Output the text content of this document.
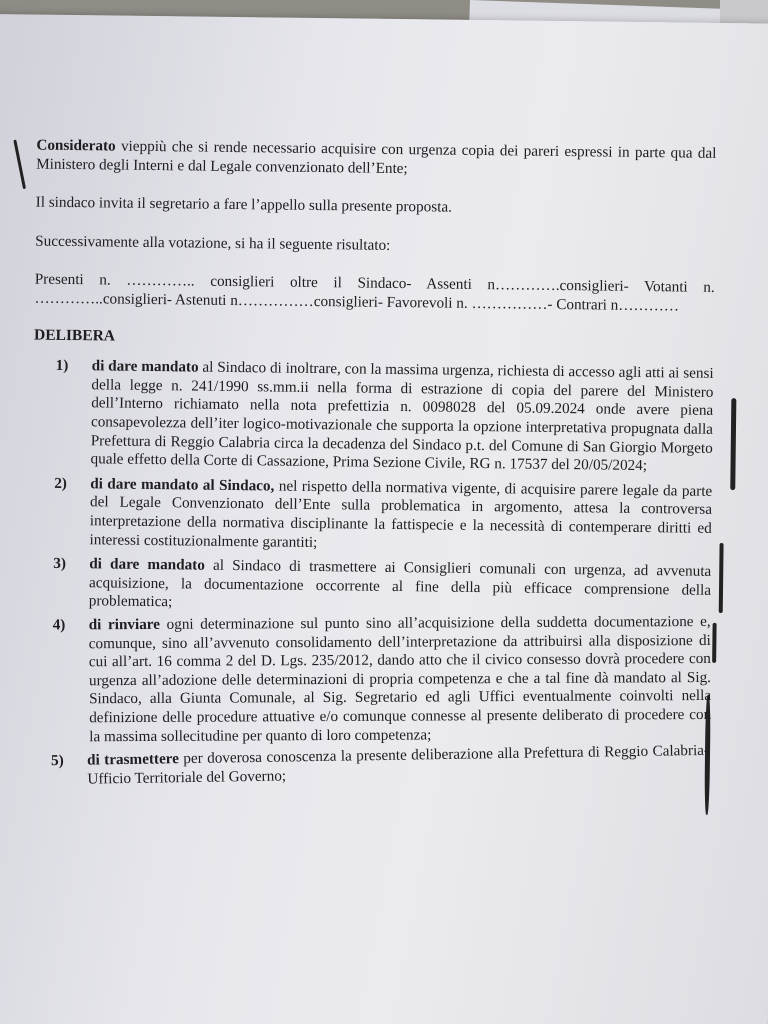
Considerato vieppiù che si rende necessario acquisire con urgenza copia dei pareri espressi in parte qua dal Ministero degli Interni e dal Legale convenzionato dell’Ente;

Il sindaco invita il segretario a fare l’appello sulla presente proposta.

Successivamente alla votazione, si ha il seguente risultato:

Presenti n. ………….. consiglieri oltre il Sindaco- Assenti n………….consiglieri- Votanti n. …………..consiglieri- Astenuti n……………consiglieri- Favorevoli n. ……………- Contrari n…………

DELIBERA

1) di dare mandato al Sindaco di inoltrare, con la massima urgenza, richiesta di accesso agli atti ai sensi della legge n. 241/1990 ss.mm.ii nella forma di estrazione di copia del parere del Ministero dell’Interno richiamato nella nota prefettizia n. 0098028 del 05.09.2024 onde avere piena consapevolezza dell’iter logico-motivazionale che supporta la opzione interpretativa propugnata dalla Prefettura di Reggio Calabria circa la decadenza del Sindaco p.t. del Comune di San Giorgio Morgeto quale effetto della Corte di Cassazione, Prima Sezione Civile, RG n. 17537 del 20/05/2024;
2) di dare mandato al Sindaco, nel rispetto della normativa vigente, di acquisire parere legale da parte del Legale Convenzionato dell’Ente sulla problematica in argomento, attesa la controversa interpretazione della normativa disciplinante la fattispecie e la necessità di contemperare diritti ed interessi costituzionalmente garantiti;
3) di dare mandato al Sindaco di trasmettere ai Consiglieri comunali con urgenza, ad avvenuta acquisizione, la documentazione occorrente al fine della più efficace comprensione della problematica;
4) di rinviare ogni determinazione sul punto sino all’acquisizione della suddetta documentazione e, comunque, sino all’avvenuto consolidamento dell’interpretazione da attribuirsi alla disposizione di cui all’art. 16 comma 2 del D. Lgs. 235/2012, dando atto che il civico consesso dovrà procedere con urgenza all’adozione delle determinazioni di propria competenza e che a tal fine dà mandato al Sig. Sindaco, alla Giunta Comunale, al Sig. Segretario ed agli Uffici eventualmente coinvolti nella definizione delle procedure attuative e/o comunque connesse al presente deliberato di procedere con la massima sollecitudine per quanto di loro competenza;
5) di trasmettere per doverosa conoscenza la presente deliberazione alla Prefettura di Reggio Calabria-Ufficio Territoriale del Governo;
